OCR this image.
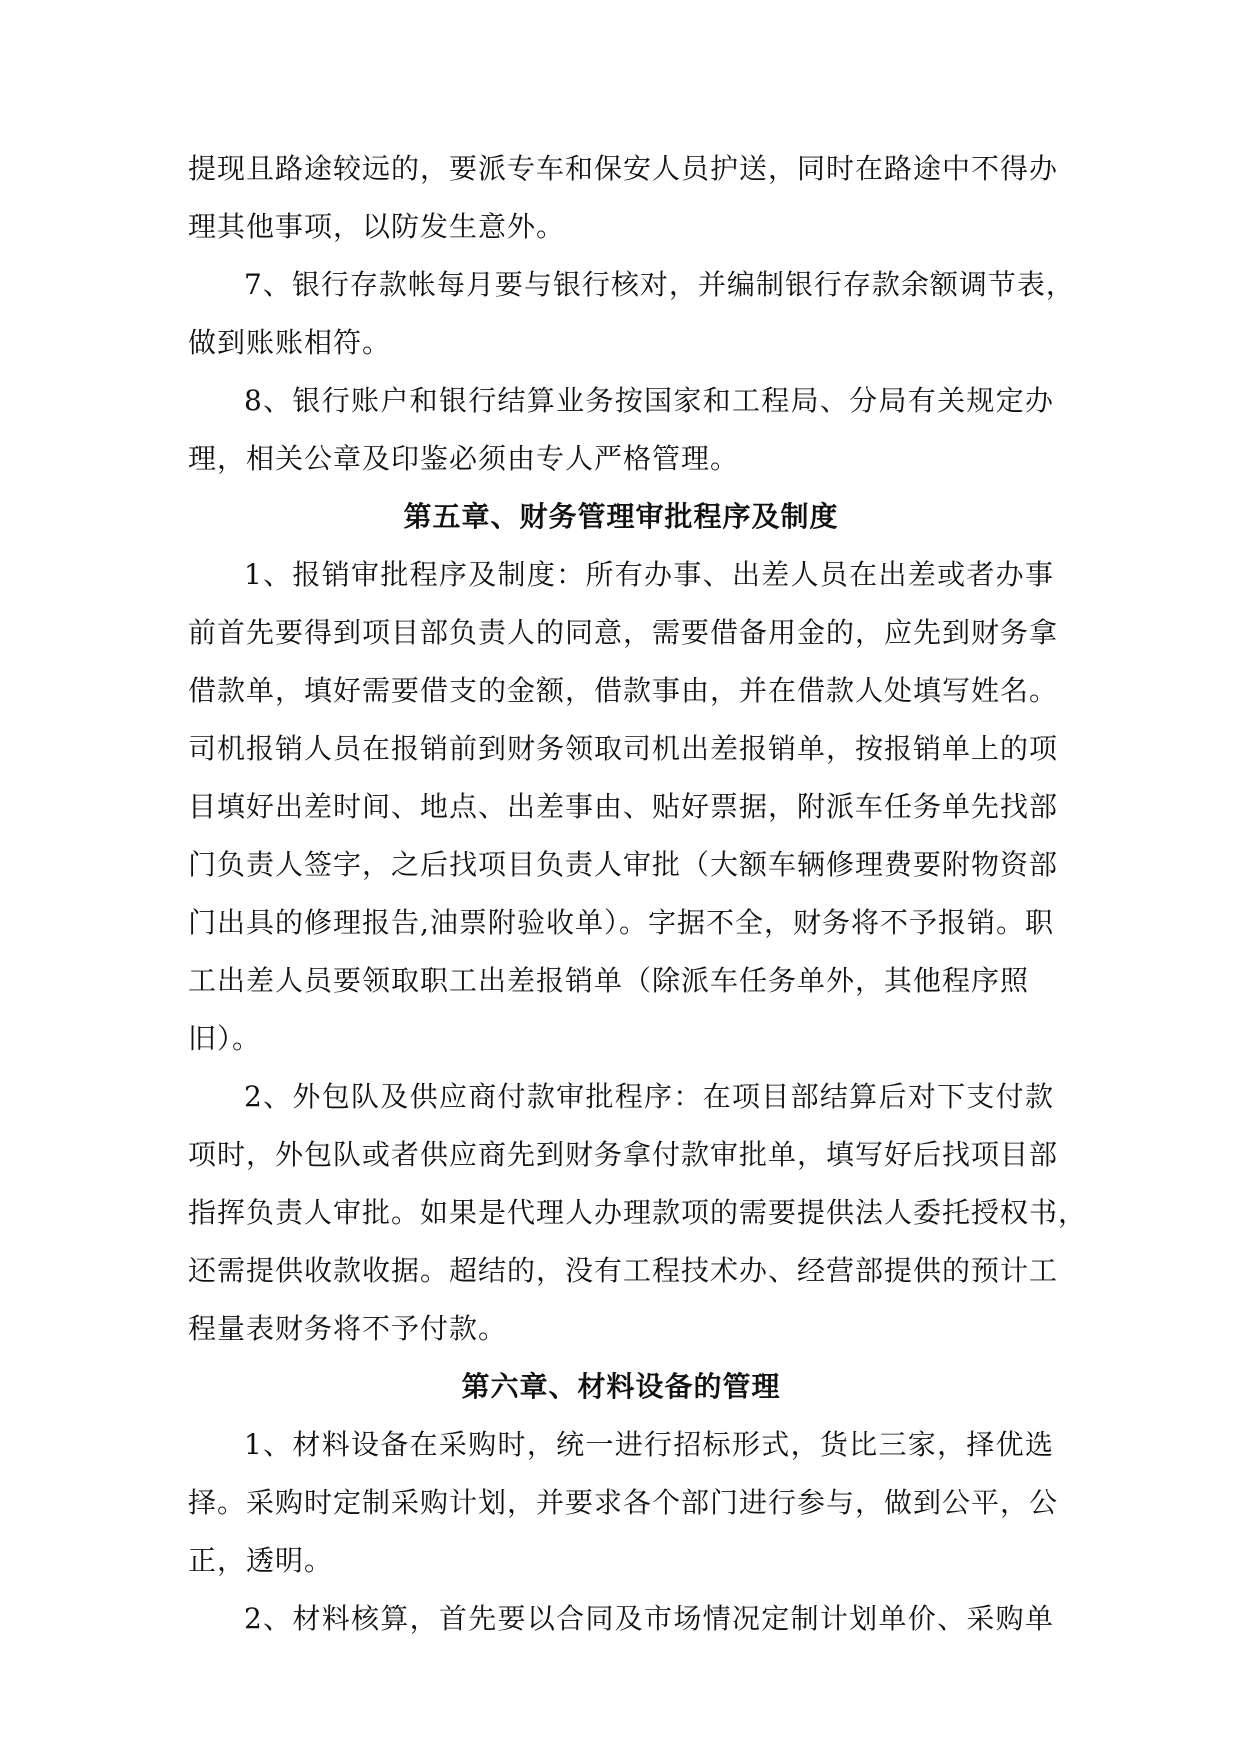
提现且路途较远的，要派专车和保安人员护送，同时在路途中不得办
理其他事项，以防发生意外。
7、银行存款帐每月要与银行核对，并编制银行存款余额调节表，
做到账账相符。
8、银行账户和银行结算业务按国家和工程局、分局有关规定办
理，相关公章及印鉴必须由专人严格管理。
第五章、财务管理审批程序及制度
1、报销审批程序及制度：所有办事、出差人员在出差或者办事
前首先要得到项目部负责人的同意，需要借备用金的，应先到财务拿
借款单，填好需要借支的金额，借款事由，并在借款人处填写姓名。
司机报销人员在报销前到财务领取司机出差报销单，按报销单上的项
目填好出差时间、地点、出差事由、贴好票据，附派车任务单先找部
门负责人签字，之后找项目负责人审批（大额车辆修理费要附物资部
门出具的修理报告,油票附验收单）。字据不全，财务将不予报销。职
工出差人员要领取职工出差报销单（除派车任务单外，其他程序照
旧）。
2、外包队及供应商付款审批程序：在项目部结算后对下支付款
项时，外包队或者供应商先到财务拿付款审批单，填写好后找项目部
指挥负责人审批。如果是代理人办理款项的需要提供法人委托授权书，
还需提供收款收据。超结的，没有工程技术办、经营部提供的预计工
程量表财务将不予付款。
第六章、材料设备的管理
1、材料设备在采购时，统一进行招标形式，货比三家，择优选
择。采购时定制采购计划，并要求各个部门进行参与，做到公平，公
正，透明。
2、材料核算，首先要以合同及市场情况定制计划单价、采购单
